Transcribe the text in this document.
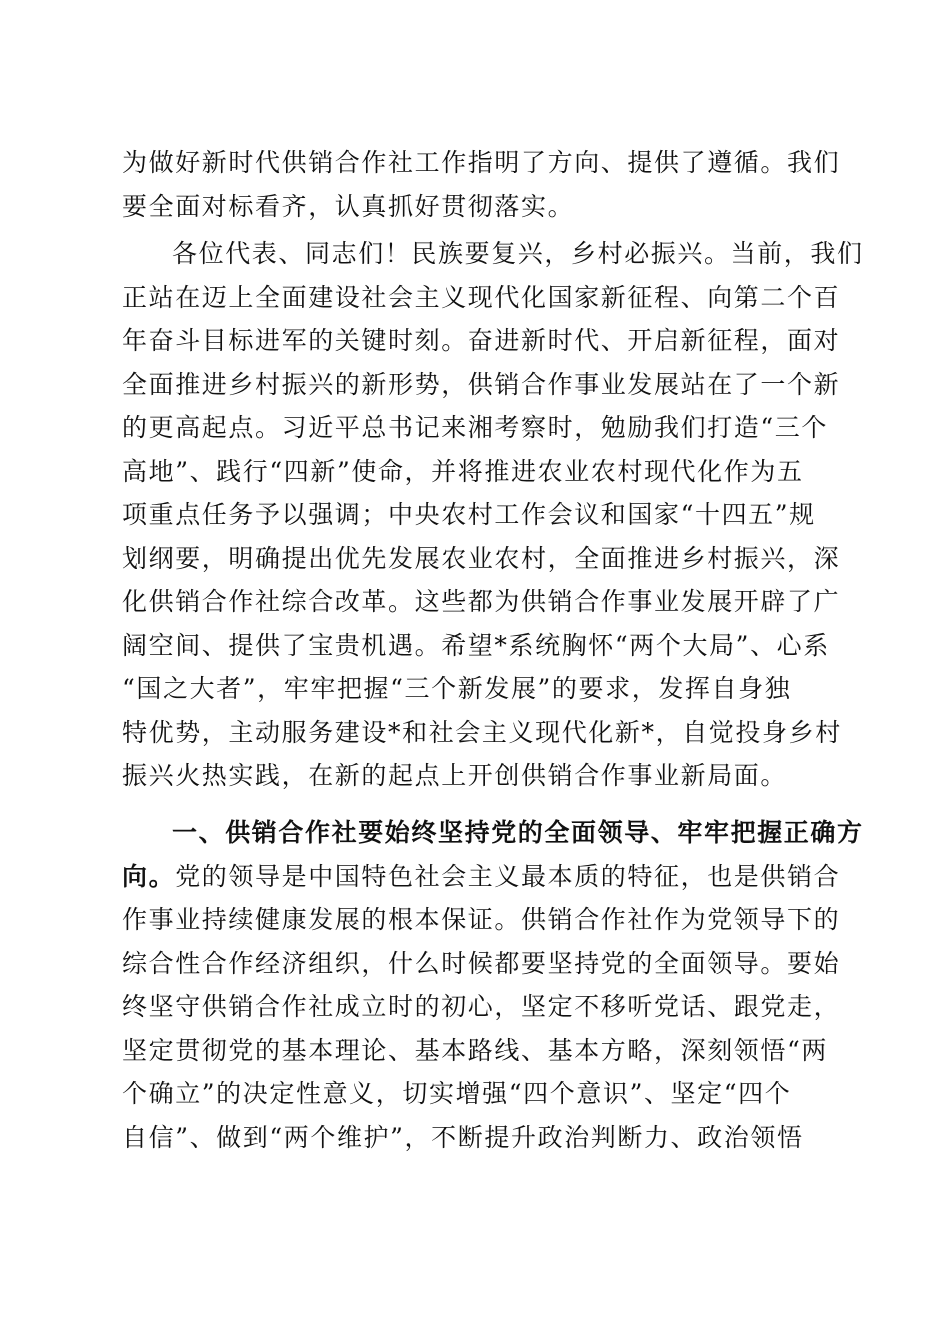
为做好新时代供销合作社工作指明了方向、提供了遵循。我们
要全面对标看齐，认真抓好贯彻落实。
各位代表、同志们！民族要复兴，乡村必振兴。当前，我们
正站在迈上全面建设社会主义现代化国家新征程、向第二个百
年奋斗目标进军的关键时刻。奋进新时代、开启新征程，面对
全面推进乡村振兴的新形势，供销合作事业发展站在了一个新
的更高起点。习近平总书记来湘考察时，勉励我们打造“三个
高地”、践行“四新”使命，并将推进农业农村现代化作为五
项重点任务予以强调；中央农村工作会议和国家“十四五”规
划纲要，明确提出优先发展农业农村，全面推进乡村振兴，深
化供销合作社综合改革。这些都为供销合作事业发展开辟了广
阔空间、提供了宝贵机遇。希望*系统胸怀“两个大局”、心系
“国之大者”，牢牢把握“三个新发展”的要求，发挥自身独
特优势，主动服务建设*和社会主义现代化新*，自觉投身乡村
振兴火热实践，在新的起点上开创供销合作事业新局面。
一、供销合作社要始终坚持党的全面领导、牢牢把握正确方
向。党的领导是中国特色社会主义最本质的特征，也是供销合
作事业持续健康发展的根本保证。供销合作社作为党领导下的
综合性合作经济组织，什么时候都要坚持党的全面领导。要始
终坚守供销合作社成立时的初心，坚定不移听党话、跟党走，
坚定贯彻党的基本理论、基本路线、基本方略，深刻领悟“两
个确立”的决定性意义，切实增强“四个意识”、坚定“四个
自信”、做到“两个维护”，不断提升政治判断力、政治领悟
